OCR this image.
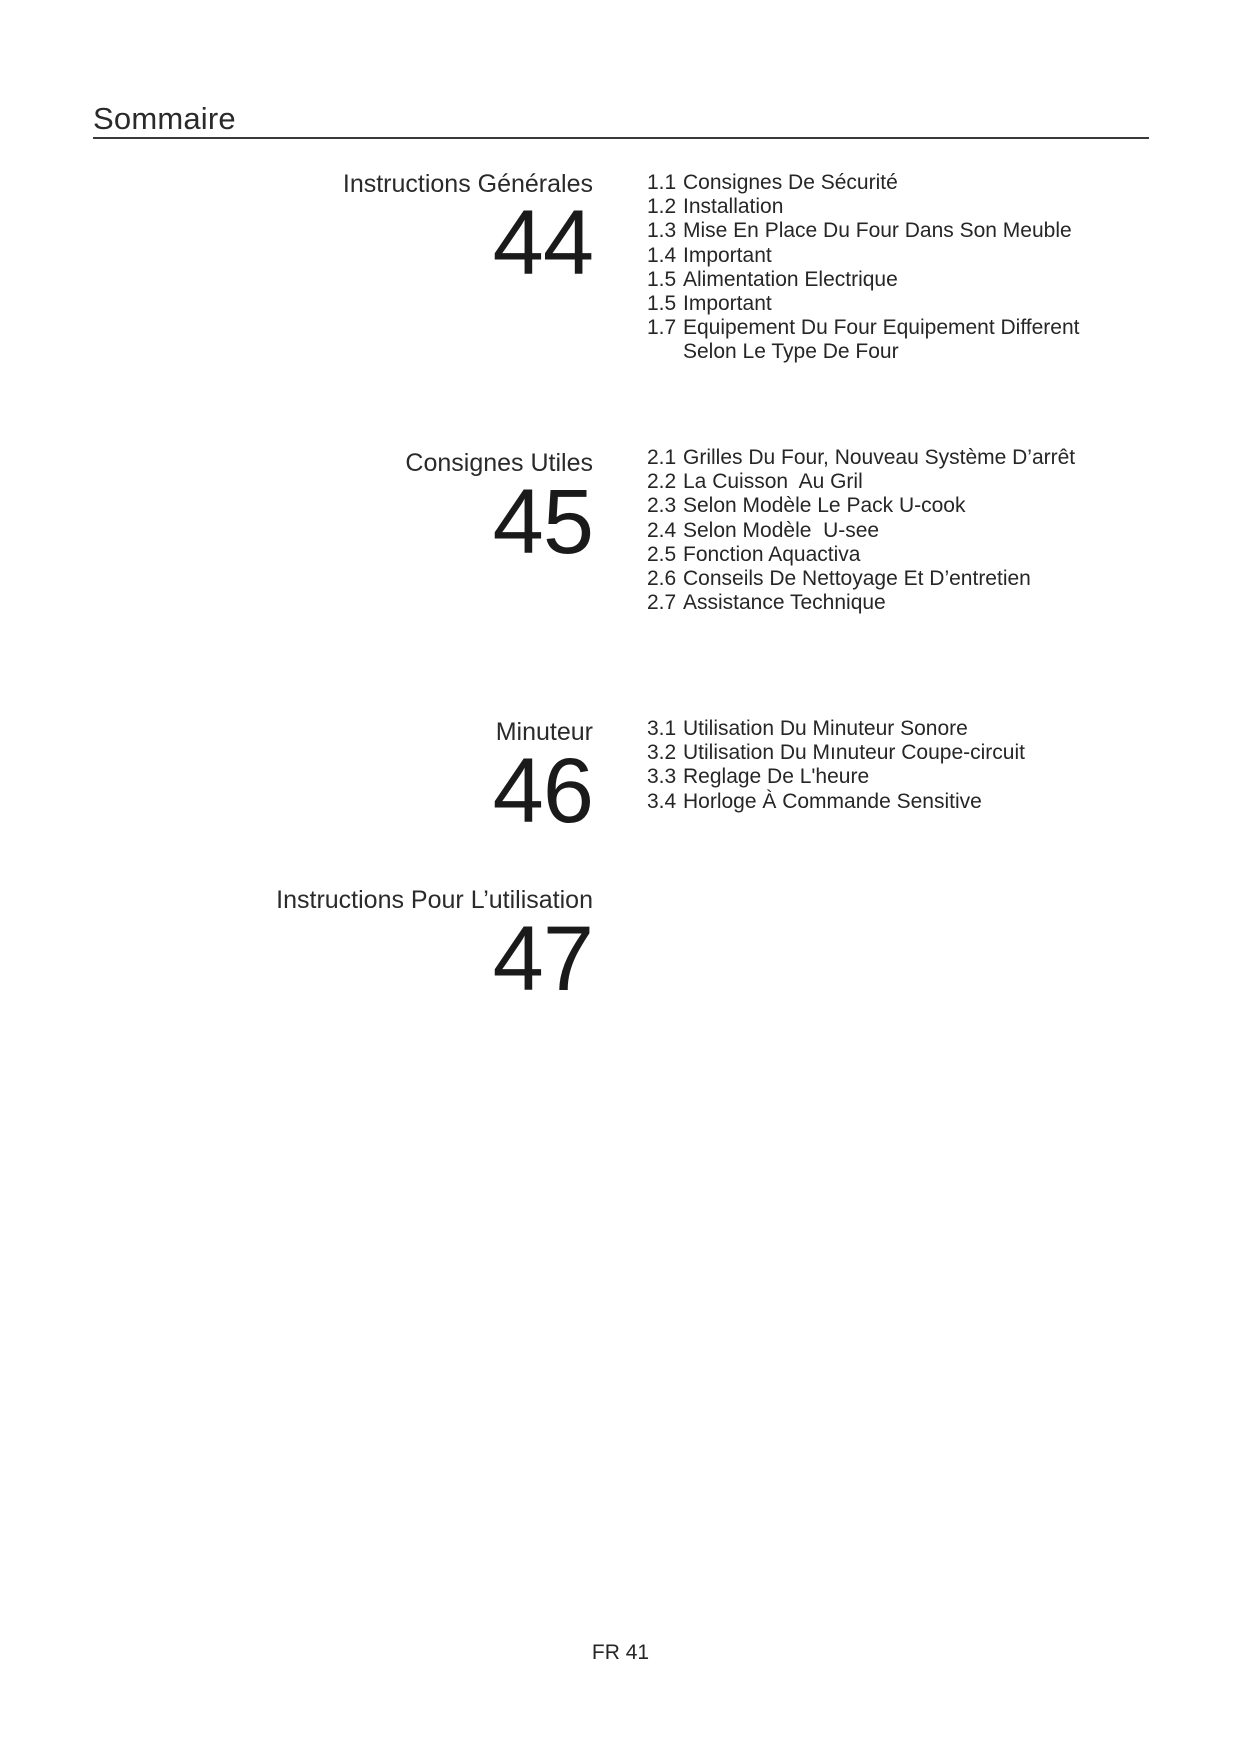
Sommaire
Instructions Générales
44
1.1 Consignes De Sécurité
1.2 Installation
1.3 Mise En Place Du Four Dans Son Meuble
1.4 Important
1.5 Alimentation Electrique
1.5 Important
1.7 Equipement Du Four Equipement Different
Selon Le Type De Four
Consignes Utiles
45
2.1 Grilles Du Four, Nouveau Système D’arrêt
2.2 La Cuisson  Au Gril
2.3 Selon Modèle Le Pack U-cook
2.4 Selon Modèle  U-see
2.5 Fonction Aquactiva
2.6 Conseils De Nettoyage Et D’entretien
2.7 Assistance Technique
Minuteur
46
3.1 Utilisation Du Minuteur Sonore
3.2 Utilisation Du Mınuteur Coupe-circuit
3.3 Reglage De L'heure
3.4 Horloge À Commande Sensitive
Instructions Pour L’utilisation
47
FR 41
